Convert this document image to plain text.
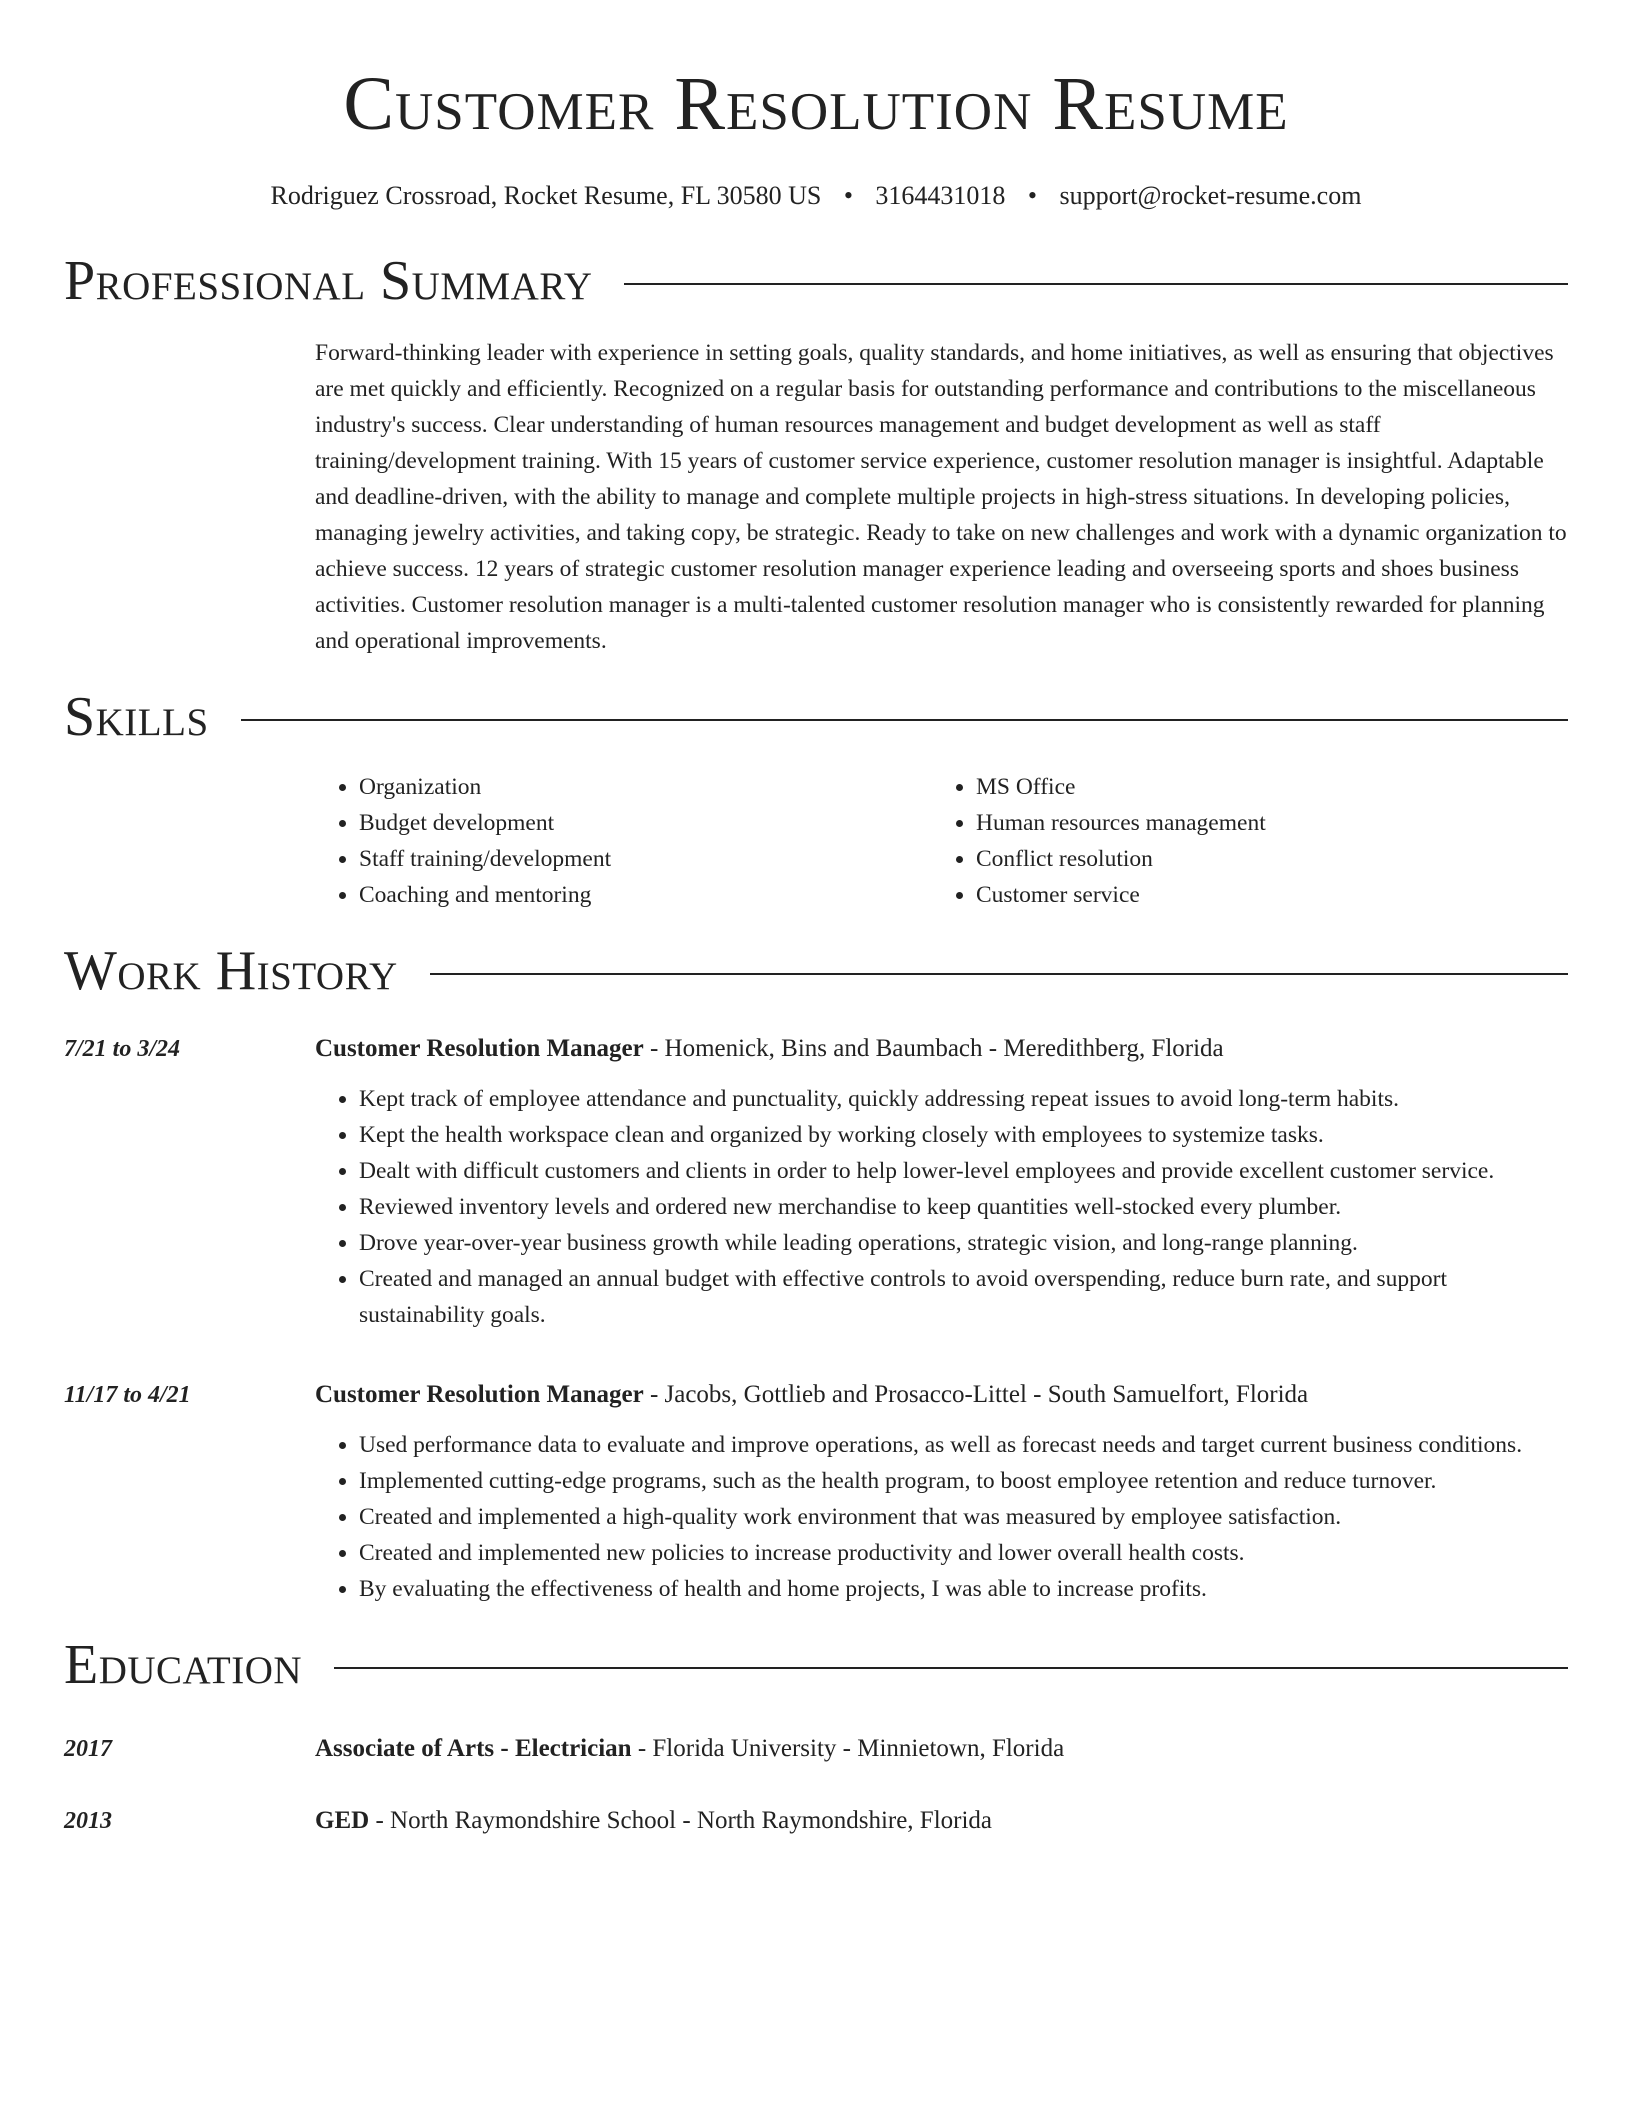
Customer Resolution Resume
Rodriguez Crossroad, Rocket Resume, FL 30580 US • 3164431018 • support@rocket-resume.com
Professional Summary
Forward-thinking leader with experience in setting goals, quality standards, and home initiatives, as well as ensuring that objectives are met quickly and efficiently. Recognized on a regular basis for outstanding performance and contributions to the miscellaneous industry's success. Clear understanding of human resources management and budget development as well as staff training/development training. With 15 years of customer service experience, customer resolution manager is insightful. Adaptable and deadline-driven, with the ability to manage and complete multiple projects in high-stress situations. In developing policies, managing jewelry activities, and taking copy, be strategic. Ready to take on new challenges and work with a dynamic organization to achieve success. 12 years of strategic customer resolution manager experience leading and overseeing sports and shoes business activities. Customer resolution manager is a multi-talented customer resolution manager who is consistently rewarded for planning and operational improvements.
Skills
• Organization
• Budget development
• Staff training/development
• Coaching and mentoring
• MS Office
• Human resources management
• Conflict resolution
• Customer service
Work History
7/21 to 3/24	Customer Resolution Manager - Homenick, Bins and Baumbach - Meredithberg, Florida
• Kept track of employee attendance and punctuality, quickly addressing repeat issues to avoid long-term habits.
• Kept the health workspace clean and organized by working closely with employees to systemize tasks.
• Dealt with difficult customers and clients in order to help lower-level employees and provide excellent customer service.
• Reviewed inventory levels and ordered new merchandise to keep quantities well-stocked every plumber.
• Drove year-over-year business growth while leading operations, strategic vision, and long-range planning.
• Created and managed an annual budget with effective controls to avoid overspending, reduce burn rate, and support sustainability goals.
11/17 to 4/21	Customer Resolution Manager - Jacobs, Gottlieb and Prosacco-Littel - South Samuelfort, Florida
• Used performance data to evaluate and improve operations, as well as forecast needs and target current business conditions.
• Implemented cutting-edge programs, such as the health program, to boost employee retention and reduce turnover.
• Created and implemented a high-quality work environment that was measured by employee satisfaction.
• Created and implemented new policies to increase productivity and lower overall health costs.
• By evaluating the effectiveness of health and home projects, I was able to increase profits.
Education
2017	Associate of Arts - Electrician - Florida University - Minnietown, Florida
2013	GED - North Raymondshire School - North Raymondshire, Florida
